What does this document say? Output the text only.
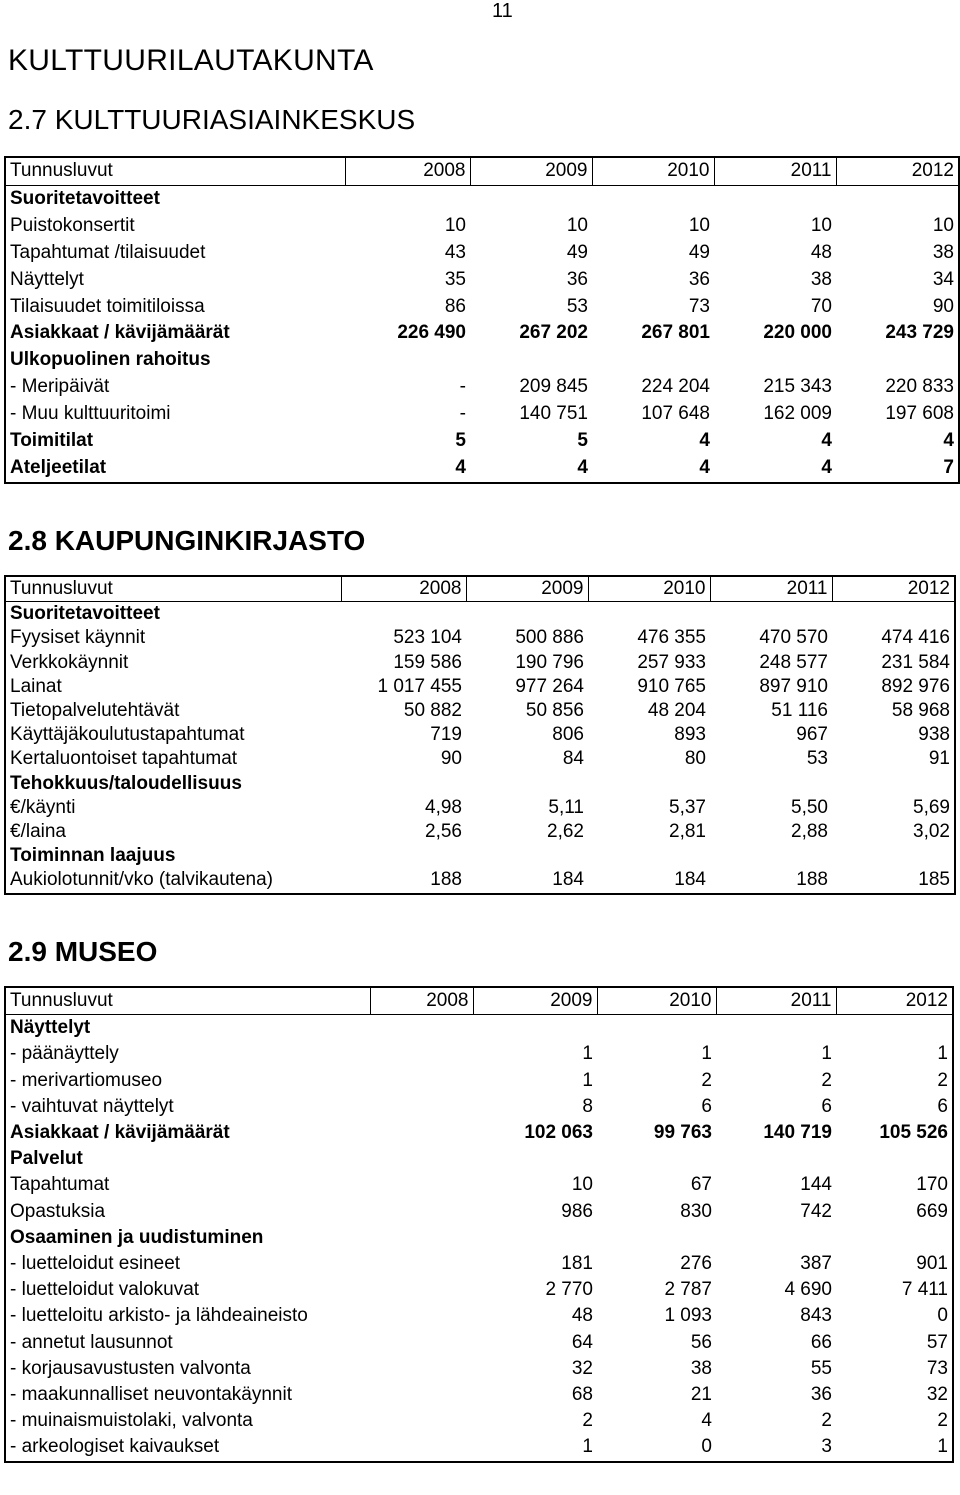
11
KULTTUURILAUTAKUNTA
2.7 KULTTUURIASIAINKESKUS
Tunnusluvut	2008	2009	2010	2011	2012
Suoritetavoitteet					
Puistokonsertit	10	10	10	10	10
Tapahtumat /tilaisuudet	43	49	49	48	38
Näyttelyt	35	36	36	38	34
Tilaisuudet toimitiloissa	86	53	73	70	90
Asiakkaat / kävijämäärät	226 490	267 202	267 801	220 000	243 729
Ulkopuolinen rahoitus					
- Meripäivät	-	209 845	224 204	215 343	220 833
- Muu kulttuuritoimi	-	140 751	107 648	162 009	197 608
Toimitilat	5	5	4	4	4
Ateljeetilat	4	4	4	4	7
2.8 KAUPUNGINKIRJASTO
Tunnusluvut	2008	2009	2010	2011	2012
Suoritetavoitteet					
Fyysiset käynnit	523 104	500 886	476 355	470 570	474 416
Verkkokäynnit	159 586	190 796	257 933	248 577	231 584
Lainat	1 017 455	977 264	910 765	897 910	892 976
Tietopalvelutehtävät	50 882	50 856	48 204	51 116	58 968
Käyttäjäkoulutustapahtumat	719	806	893	967	938
Kertaluontoiset tapahtumat	90	84	80	53	91
Tehokkuus/taloudellisuus					
€/käynti	4,98	5,11	5,37	5,50	5,69
€/laina	2,56	2,62	2,81	2,88	3,02
Toiminnan laajuus					
Aukiolotunnit/vko (talvikautena)	188	184	184	188	185
2.9 MUSEO
Tunnusluvut	2008	2009	2010	2011	2012
Näyttelyt					
- päänäyttely		1	1	1	1
- merivartiomuseo		1	2	2	2
- vaihtuvat näyttelyt		8	6	6	6
Asiakkaat / kävijämäärät		102 063	99 763	140 719	105 526
Palvelut					
Tapahtumat		10	67	144	170
Opastuksia		986	830	742	669
Osaaminen ja uudistuminen					
- luetteloidut esineet		181	276	387	901
- luetteloidut valokuvat		2 770	2 787	4 690	7 411
- luetteloitu arkisto- ja lähdeaineisto		48	1 093	843	0
- annetut lausunnot		64	56	66	57
- korjausavustusten valvonta		32	38	55	73
- maakunnalliset neuvontakäynnit		68	21	36	32
- muinaismuistolaki, valvonta		2	4	2	2
- arkeologiset kaivaukset		1	0	3	1
